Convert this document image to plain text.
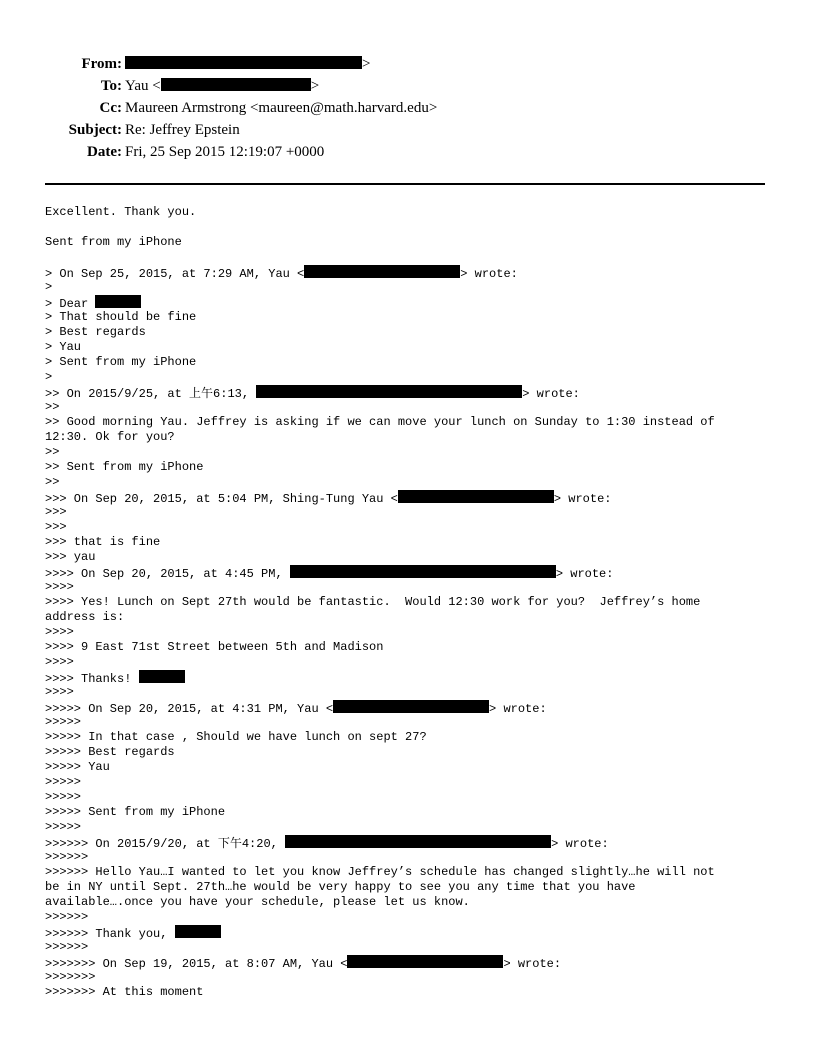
From:	>
To: Yau <	>
Cc: Maureen Armstrong <maureen@math.harvard.edu>
Subject: Re: Jeffrey Epstein
Date: Fri, 25 Sep 2015 12:19:07 +0000
Excellent. Thank you.
Sent from my iPhone
> On Sep 25, 2015, at 7:29 AM, Yau <	> wrote:
>
> Dear
> That should be fine
> Best regards
> Yau
> Sent from my iPhone
>
>> On 2015/9/25, at 上午6:13,	> wrote:
>>
>> Good morning Yau. Jeffrey is asking if we can move your lunch on Sunday to 1:30 instead of
12:30. Ok for you?
>>
>> Sent from my iPhone
>>
>>> On Sep 20, 2015, at 5:04 PM, Shing-Tung Yau <	> wrote:
>>>
>>>
>>> that is fine
>>> yau
>>>> On Sep 20, 2015, at 4:45 PM,	> wrote:
>>>>
>>>> Yes! Lunch on Sept 27th would be fantastic.  Would 12:30 work for you?  Jeffrey’s home
address is:
>>>>
>>>> 9 East 71st Street between 5th and Madison
>>>>
>>>> Thanks!
>>>>
>>>>> On Sep 20, 2015, at 4:31 PM, Yau <	> wrote:
>>>>>
>>>>> In that case , Should we have lunch on sept 27?
>>>>> Best regards
>>>>> Yau
>>>>>
>>>>>
>>>>> Sent from my iPhone
>>>>>
>>>>>> On 2015/9/20, at 下午4:20,	> wrote:
>>>>>>
>>>>>> Hello Yau…I wanted to let you know Jeffrey’s schedule has changed slightly…he will not
be in NY until Sept. 27th…he would be very happy to see you any time that you have
available….once you have your schedule, please let us know.
>>>>>>
>>>>>> Thank you,
>>>>>>
>>>>>>> On Sep 19, 2015, at 8:07 AM, Yau <	> wrote:
>>>>>>>
>>>>>>> At this moment
